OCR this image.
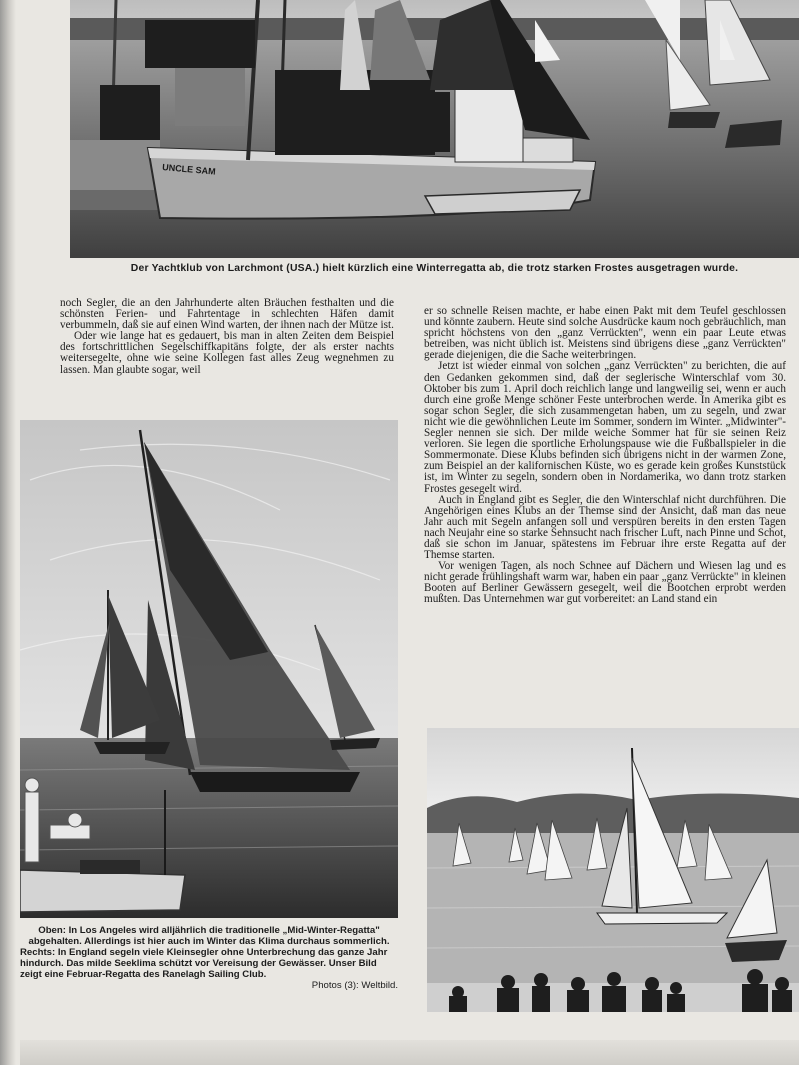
UNCLE SAM
Der Yachtklub von Larchmont (USA.) hielt kürzlich eine Winterregatta ab, die trotz starken Frostes ausgetragen wurde.

noch Segler, die an den Jahrhunderte alten Bräuchen festhalten und die schönsten Ferien- und Fahrtentage in schlechten Häfen damit verbummeln, daß sie auf einen Wind warten, der ihnen nach der Mütze ist.

Oder wie lange hat es gedauert, bis man in alten Zeiten dem Beispiel des fortschrittlichen Segelschiffkapitäns folgte, der als erster nachts weitersegelte, ohne wie seine Kollegen fast alles Zeug wegnehmen zu lassen. Man glaubte sogar, weil

er so schnelle Reisen machte, er habe einen Pakt mit dem Teufel geschlossen und könnte zaubern. Heute sind solche Ausdrücke kaum noch gebräuchlich, man spricht höchstens von den „ganz Verrückten", wenn ein paar Leute etwas betreiben, was nicht üblich ist. Meistens sind übrigens diese „ganz Verrückten" gerade diejenigen, die die Sache weiterbringen.

Jetzt ist wieder einmal von solchen „ganz Verrückten" zu berichten, die auf den Gedanken gekommen sind, daß der seglerische Winterschlaf vom 30. Oktober bis zum 1. April doch reichlich lange und langweilig sei, wenn er auch durch eine große Menge schöner Feste unterbrochen werde. In Amerika gibt es sogar schon Segler, die sich zusammengetan haben, um zu segeln, und zwar nicht wie die gewöhnlichen Leute im Sommer, sondern im Winter. „Midwinter"-Segler nennen sie sich. Der milde weiche Sommer hat für sie seinen Reiz verloren. Sie legen die sportliche Erholungspause wie die Fußballspieler in die Sommermonate. Diese Klubs befinden sich übrigens nicht in der warmen Zone, zum Beispiel an der kalifornischen Küste, wo es gerade kein großes Kunststück ist, im Winter zu segeln, sondern oben in Nordamerika, wo dann trotz starken Frostes gesegelt wird.

Auch in England gibt es Segler, die den Winterschlaf nicht durchführen. Die Angehörigen eines Klubs an der Themse sind der Ansicht, daß man das neue Jahr auch mit Segeln anfangen soll und verspüren bereits in den ersten Tagen nach Neujahr eine so starke Sehnsucht nach frischer Luft, nach Pinne und Schot, daß sie schon im Januar, spätestens im Februar ihre erste Regatta auf der Themse starten.

Vor wenigen Tagen, als noch Schnee auf Dächern und Wiesen lag und es nicht gerade frühlingshaft warm war, haben ein paar „ganz Verrückte" in kleinen Booten auf Berliner Gewässern gesegelt, weil die Bootchen erprobt werden mußten. Das Unternehmen war gut vorbereitet: an Land stand ein

Oben: In Los Angeles wird alljährlich die traditionelle „Mid-Winter-Regatta" abgehalten. Allerdings ist hier auch im Winter das Klima durchaus sommerlich.
Rechts: In England segeln viele Kleinsegler ohne Unterbrechung das ganze Jahr hindurch. Das milde Seeklima schützt vor Vereisung der Gewässer. Unser Bild zeigt eine Februar-Regatta des Ranelagh Sailing Club.
Photos (3): Weltbild.
